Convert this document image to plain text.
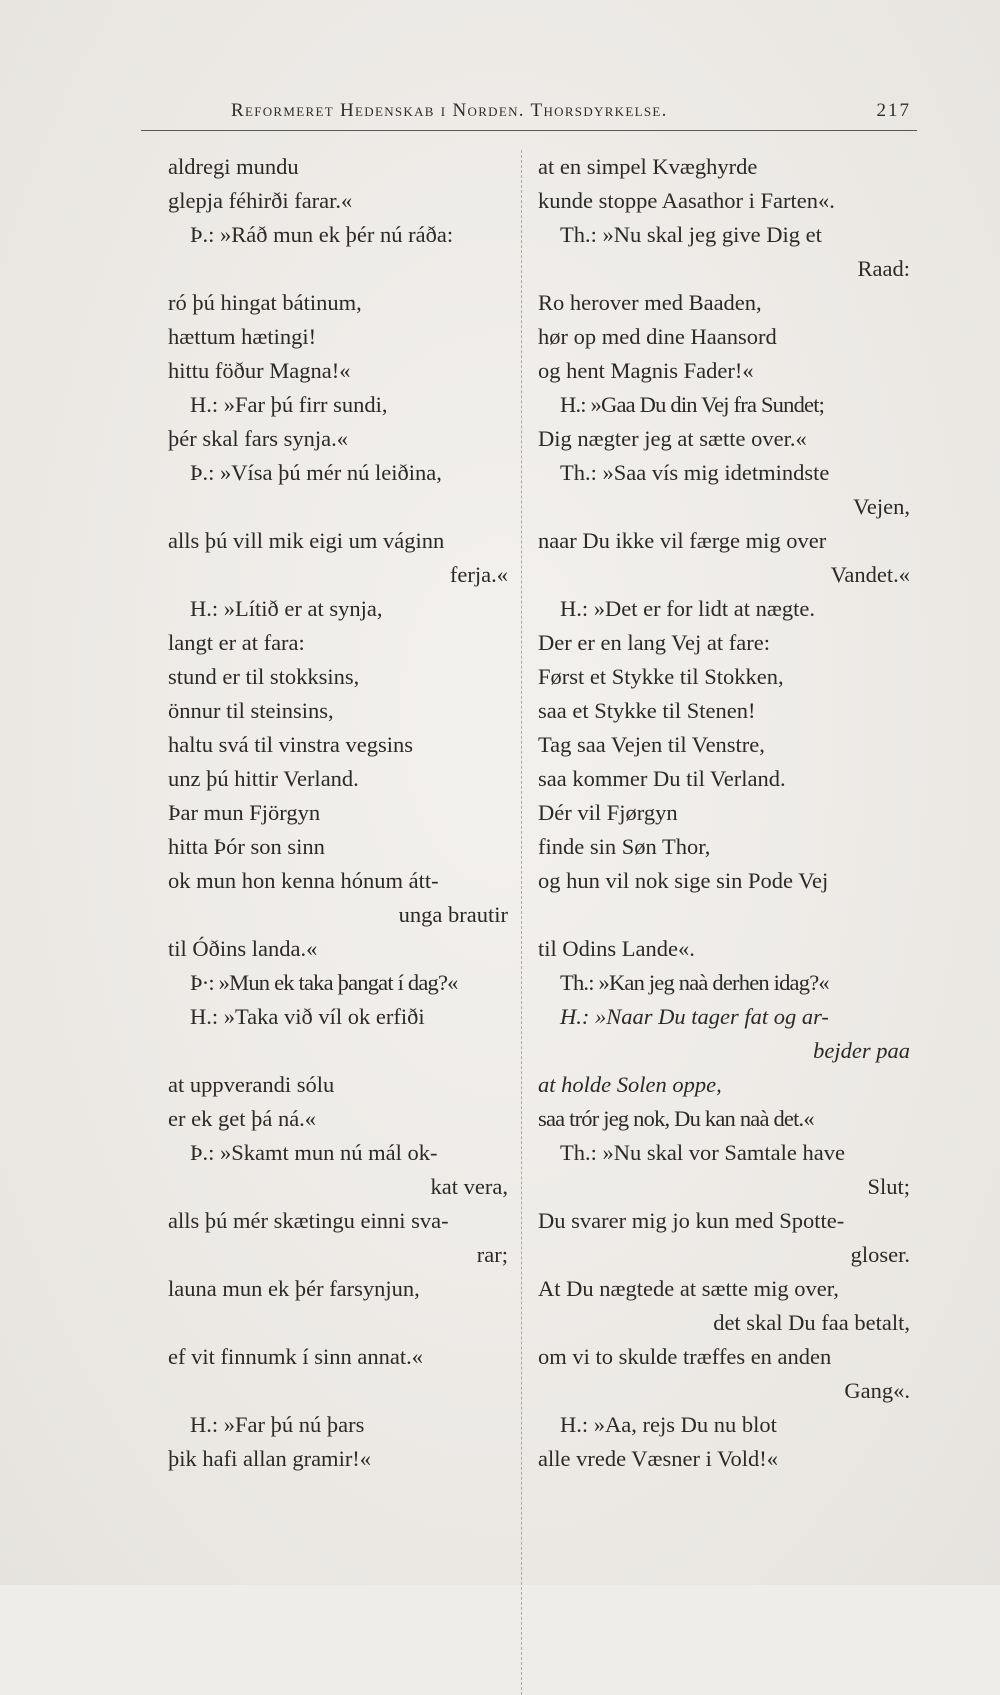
Reformeret Hedenskab i Norden. Thorsdyrkelse.	217
aldregi mundu
glepja féhirði farar.«
Þ.: »Ráð mun ek þér nú ráða:
ró þú hingat bátinum,
hættum hætingi!
hittu föður Magna!«
H.: »Far þú firr sundi,
þér skal fars synja.«
Þ.: »Vísa þú mér nú leiðina,
alls þú vill mik eigi um váginn
ferja.«
H.: »Lítið er at synja,
langt er at fara:
stund er til stokksins,
önnur til steinsins,
haltu svá til vinstra vegsins
unz þú hittir Verland.
Þar mun Fjörgyn
hitta Þór son sinn
ok mun hon kenna hónum átt-
unga brautir
til Óðins landa.«
Þ·: »Mun ek taka þangat í dag?«
H.: »Taka við víl ok erfiði
at uppverandi sólu
er ek get þá ná.«
Þ.: »Skamt mun nú mál ok-
kat vera,
alls þú mér skætingu einni sva-
rar;
launa mun ek þér farsynjun,
ef vit finnumk í sinn annat.«
H.: »Far þú nú þars
þik hafi allan gramir!«
at en simpel Kvæghyrde
kunde stoppe Aasathor i Farten«.
Th.: »Nu skal jeg give Dig et
Raad:
Ro herover med Baaden,
hør op med dine Haansord
og hent Magnis Fader!«
H.: »Gaa Du din Vej fra Sundet;
Dig nægter jeg at sætte over.«
Th.: »Saa vís mig idetmindste
Vejen,
naar Du ikke vil færge mig over
Vandet.«
H.: »Det er for lidt at nægte.
Der er en lang Vej at fare:
Først et Stykke til Stokken,
saa et Stykke til Stenen!
Tag saa Vejen til Venstre,
saa kommer Du til Verland.
Dér vil Fjørgyn
finde sin Søn Thor,
og hun vil nok sige sin Pode Vej
til Odins Lande«.
Th.: »Kan jeg naà derhen idag?«
H.: »Naar Du tager fat og ar-
bejder paa
at holde Solen oppe,
saa trór jeg nok, Du kan naà det.«
Th.: »Nu skal vor Samtale have
Slut;
Du svarer mig jo kun med Spotte-
gloser.
At Du nægtede at sætte mig over,
det skal Du faa betalt,
om vi to skulde træffes en anden
Gang«.
H.: »Aa, rejs Du nu blot
alle vrede Væsner i Vold!«
